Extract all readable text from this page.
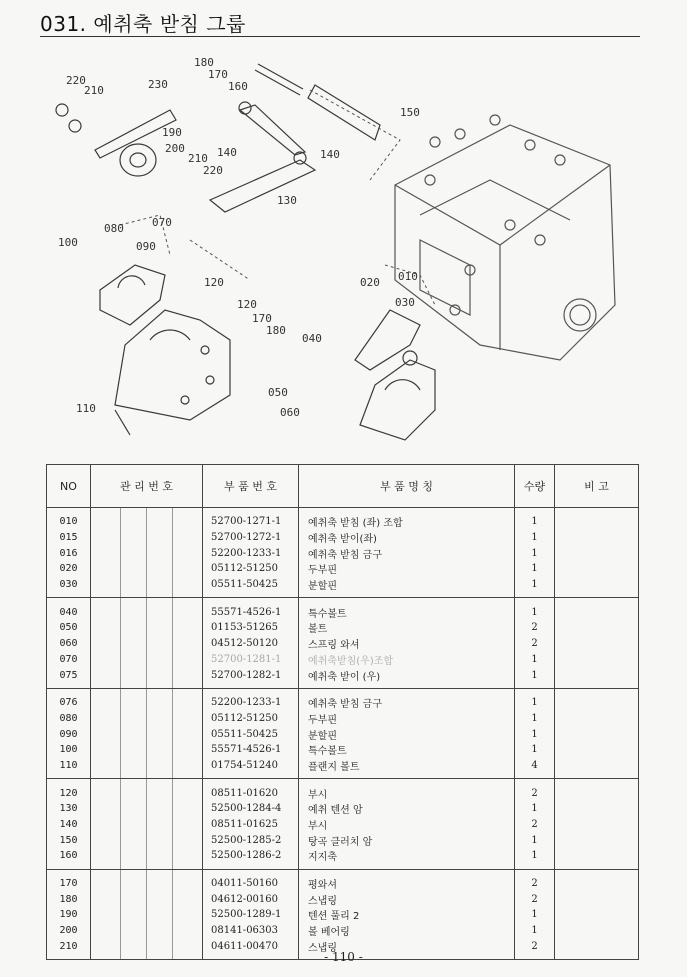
031. 예취축 받침 그룹
220
210	230
180
170
160
150
190
200
210
220
140	140
130
070
080
090
100
120
120
170
180
010
020
030
040
050
060
110
NO	관 리 번 호				부 품 번 호	부 품 명 칭	수량	비 고
010					52700-1271-1	예취축 받침 (좌) 조합	1	
015					52700-1272-1	예취축 받이(좌)	1	
016					52200-1233-1	예취축 받침 금구	1	
020					05112-51250	두부핀	1	
030					05511-50425	분할핀	1	
040					55571-4526-1	특수볼트	1	
050					01153-51265	볼트	2	
060					04512-50120	스프링 와셔	2	
070					52700-1281-1	예취축받침(우)조합	1	
075					52700-1282-1	예취축 받이 (우)	1	
076					52200-1233-1	예취축 받침 금구	1	
080					05112-51250	두부핀	1	
090					05511-50425	분할핀	1	
100					55571-4526-1	특수볼트	1	
110					01754-51240	플랜지 볼트	4	
120					08511-01620	부시	2	
130					52500-1284-4	예취 텐션 암	1	
140					08511-01625	부시	2	
150					52500-1285-2	탕곡 클러치 암	1	
160					52500-1286-2	지지축	1	
170					04011-50160	평와셔	2	
180					04612-00160	스냅링	2	
190					52500-1289-1	텐션 풀리 2	1	
200					08141-06303	볼 베어링	1	
210					04611-00470	스냅링	2	
- 110 -
